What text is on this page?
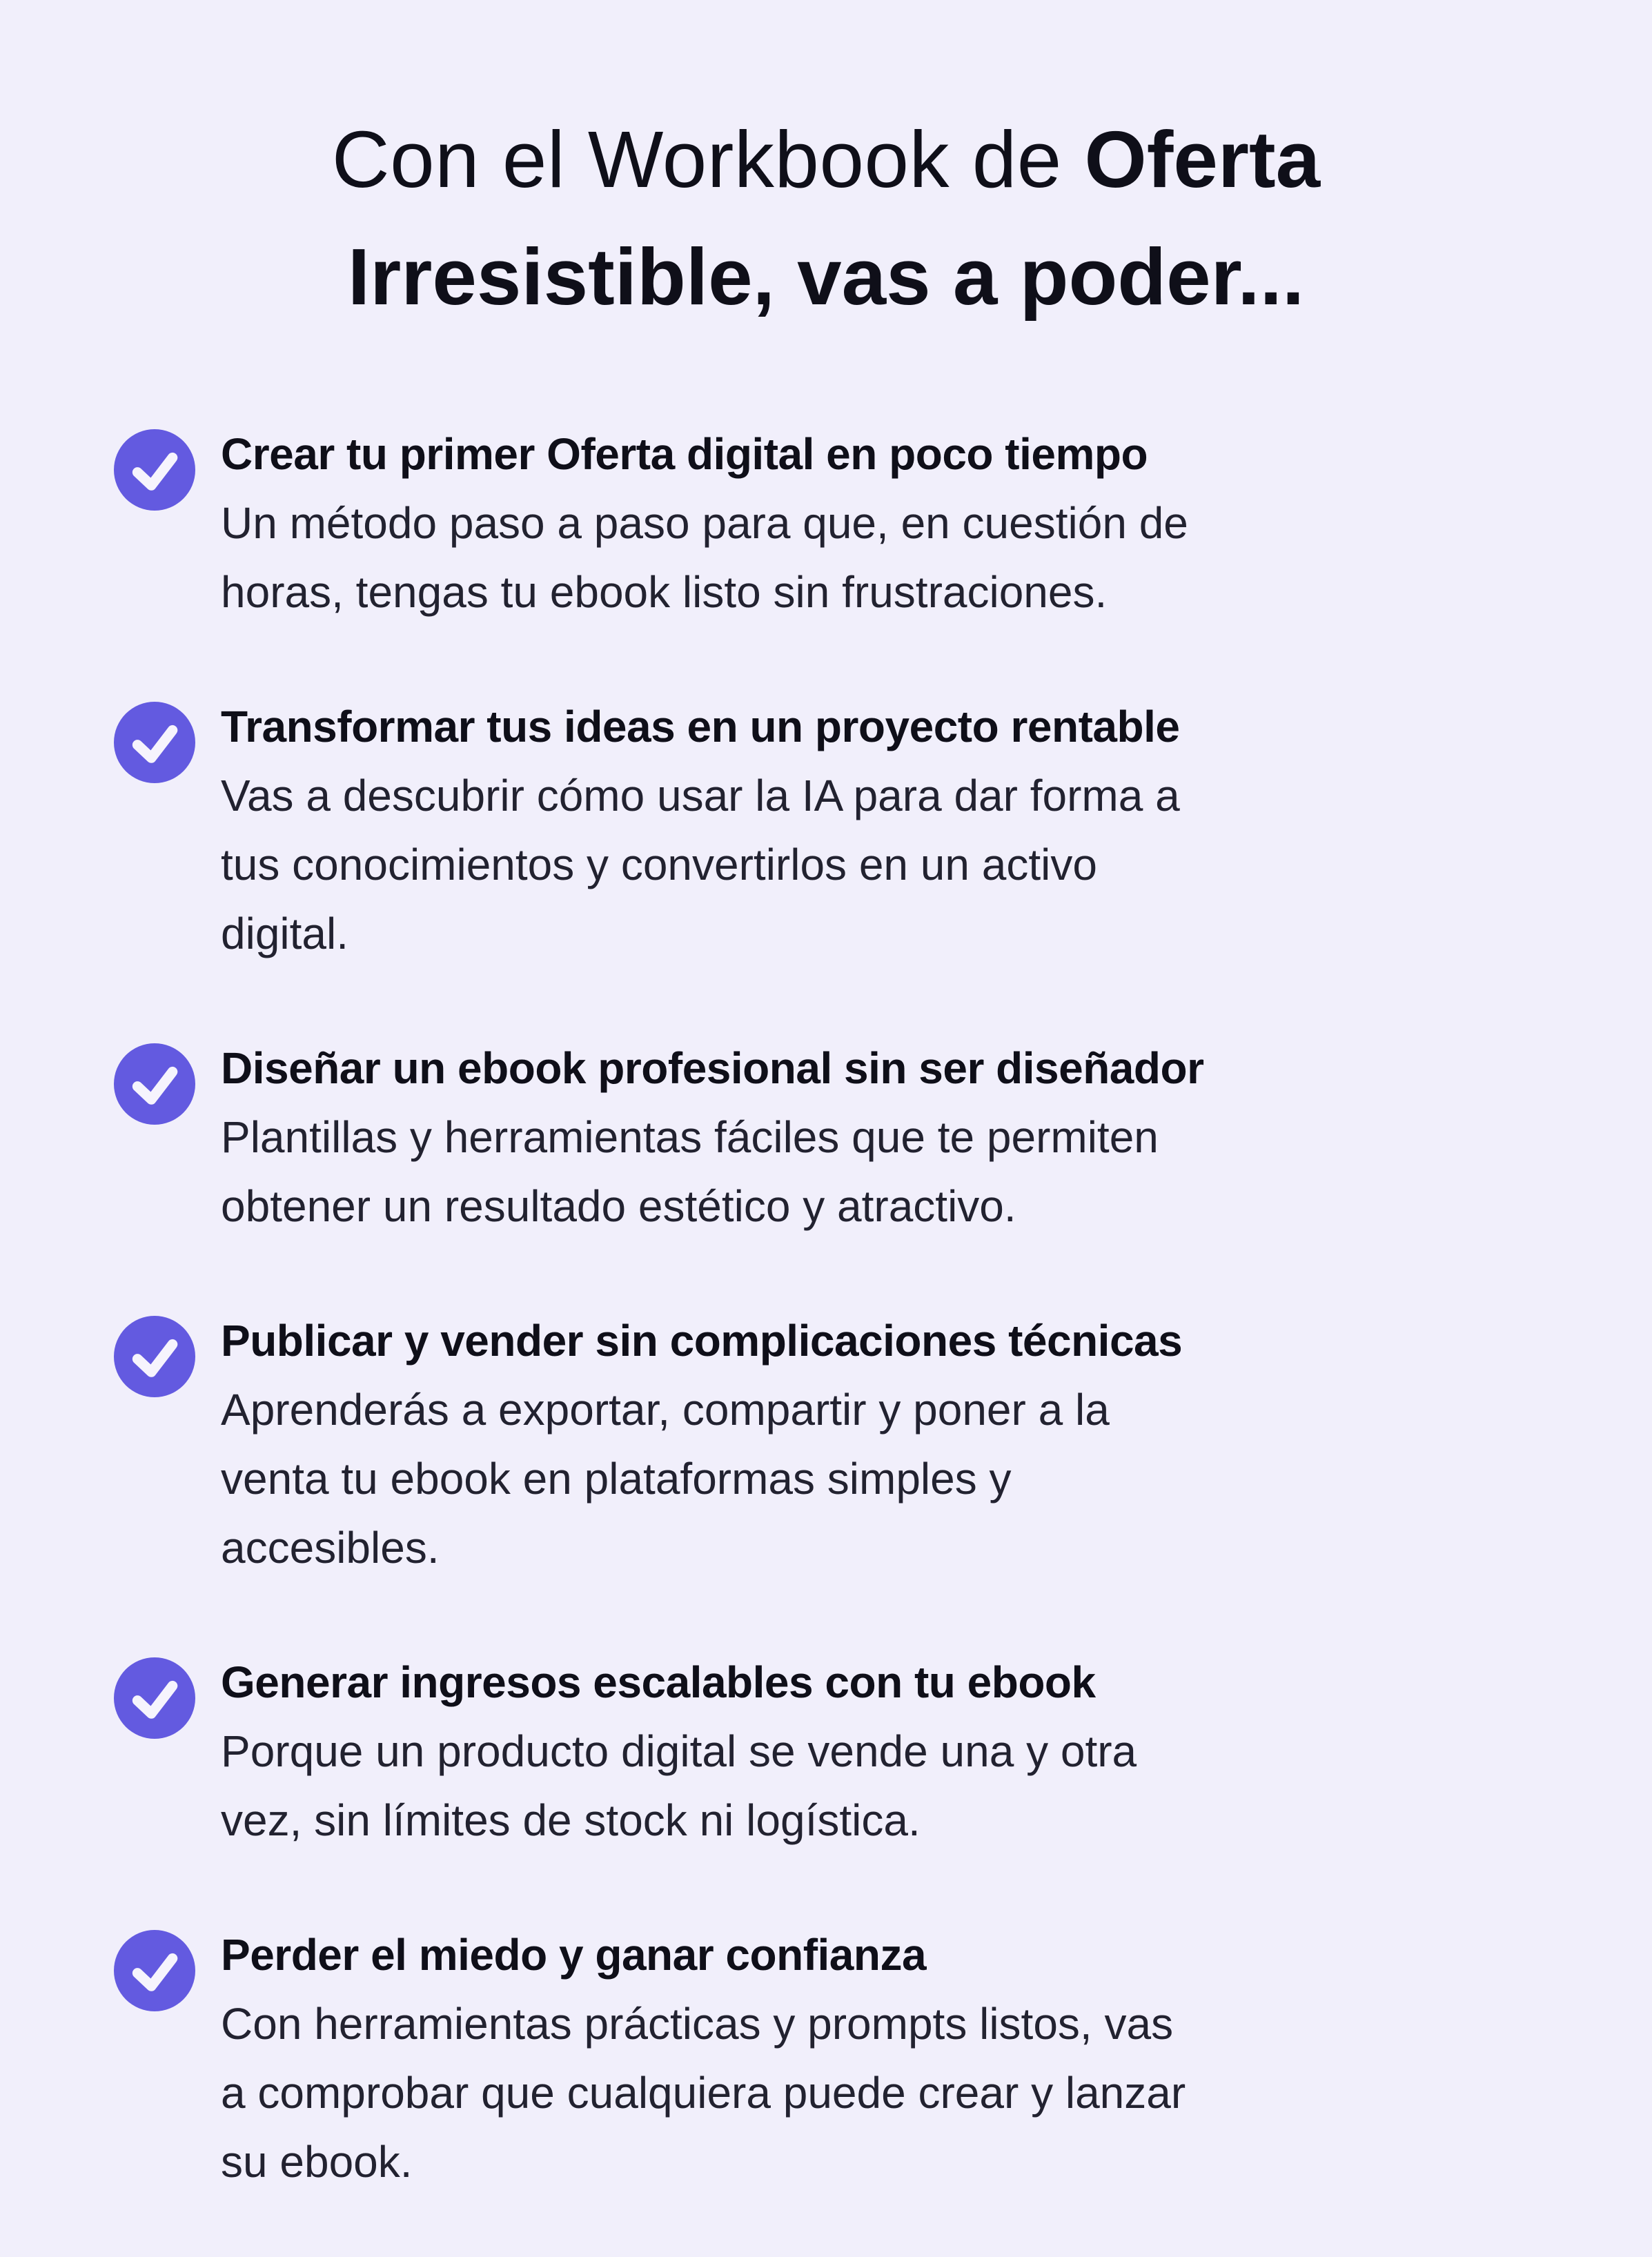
Con el Workbook de Oferta
Irresistible, vas a poder...
Crear tu primer Oferta digital en poco tiempo
Un método paso a paso para que, en cuestión de
horas, tengas tu ebook listo sin frustraciones.
Transformar tus ideas en un proyecto rentable
Vas a descubrir cómo usar la IA para dar forma a
tus conocimientos y convertirlos en un activo
digital.
Diseñar un ebook profesional sin ser diseñador
Plantillas y herramientas fáciles que te permiten
obtener un resultado estético y atractivo.
Publicar y vender sin complicaciones técnicas
Aprenderás a exportar, compartir y poner a la
venta tu ebook en plataformas simples y
accesibles.
Generar ingresos escalables con tu ebook
Porque un producto digital se vende una y otra
vez, sin límites de stock ni logística.
Perder el miedo y ganar confianza
Con herramientas prácticas y prompts listos, vas
a comprobar que cualquiera puede crear y lanzar
su ebook.
